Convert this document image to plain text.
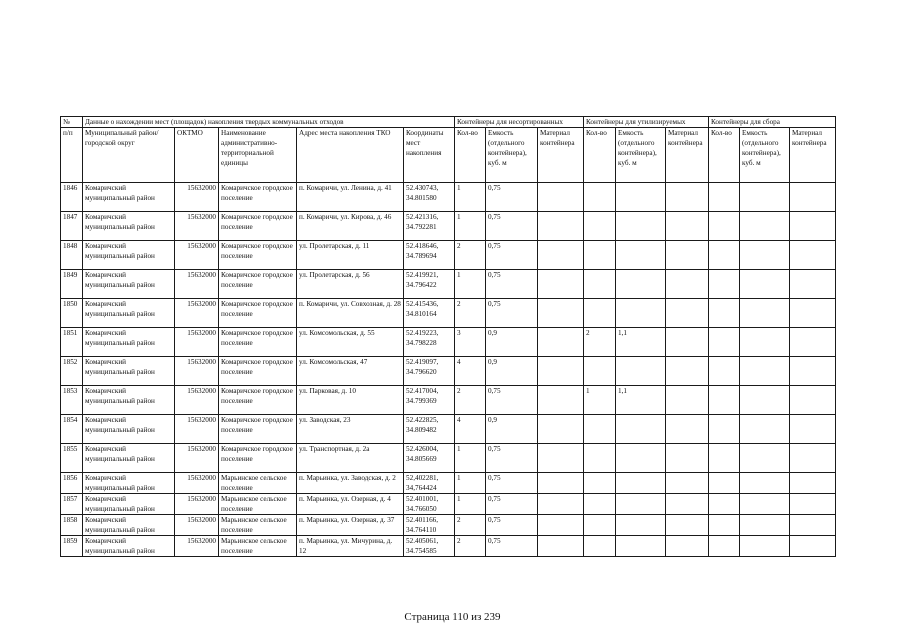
№	Данные о нахождении мест (площадок) накопления твердых коммунальных отходов					Контейнеры для несортированных			Контейнеры для утилизируемых			Контейнеры для сбора		
п/п	Муниципальный район/городской округ	ОКТМО	Наименование административно-территориальной единицы	Адрес места накопления ТКО	Координаты мест накопления	Кол-во	Емкость (отдельного контейнера), куб. м	Материал контейнера	Кол-во	Емкость (отдельного контейнера), куб. м	Материал контейнера	Кол-во	Емкость (отдельного контейнера), куб. м	Материал контейнера
1846	Комаричский муниципальный район	15632000	Комаричское городское поселение	п. Комаричи, ул. Ленина, д. 41	52.430743, 34.801580	1	0,75							
1847	Комаричский муниципальный район	15632000	Комаричское городское поселение	п. Комаричи, ул. Кирова, д. 46	52.421316, 34.792281	1	0,75							
1848	Комаричский муниципальный район	15632000	Комаричское городское поселение	ул. Пролетарская, д. 11	52.418646, 34.789694	2	0,75							
1849	Комаричский муниципальный район	15632000	Комаричское городское поселение	ул. Пролетарская, д. 56	52.419921, 34.796422	1	0,75							
1850	Комаричский муниципальный район	15632000	Комаричское городское поселение	п. Комаричи, ул. Совхозная, д. 28	52.415436, 34.810164	2	0,75							
1851	Комаричский муниципальный район	15632000	Комаричское городское поселение	ул. Комсомольская, д. 55	52.419223, 34.798228	3	0,9		2	1,1				
1852	Комаричский муниципальный район	15632000	Комаричское городское поселение	ул. Комсомольская, 47	52.419097, 34.796620	4	0,9							
1853	Комаричский муниципальный район	15632000	Комаричское городское поселение	ул. Парковая, д. 10	52.417004, 34.799369	2	0,75		1	1,1				
1854	Комаричский муниципальный район	15632000	Комаричское городское поселение	ул. Заводская, 23	52.422825, 34.809482	4	0,9							
1855	Комаричский муниципальный район	15632000	Комаричское городское поселение	ул. Транспортная, д. 2а	52.426004, 34.805669	1	0,75							
1856	Комаричский муниципальный район	15632000	Марьинское сельское поселение	п. Марьинка, ул. Заводская, д. 2	52,402281, 34,764424	1	0,75							
1857	Комаричский муниципальный район	15632000	Марьинское сельское поселение	п. Марьинка, ул. Озерная, д. 4	52.401001, 34.766050	1	0,75							
1858	Комаричский муниципальный район	15632000	Марьинское сельское поселение	п. Марьинка, ул. Озерная, д. 37	52.401166, 34.764110	2	0,75							
1859	Комаричский муниципальный район	15632000	Марьинское сельское поселение	п. Марьинка, ул. Мичурина, д. 12	52.405061, 34.754585	2	0,75							
Страница 110 из 239
